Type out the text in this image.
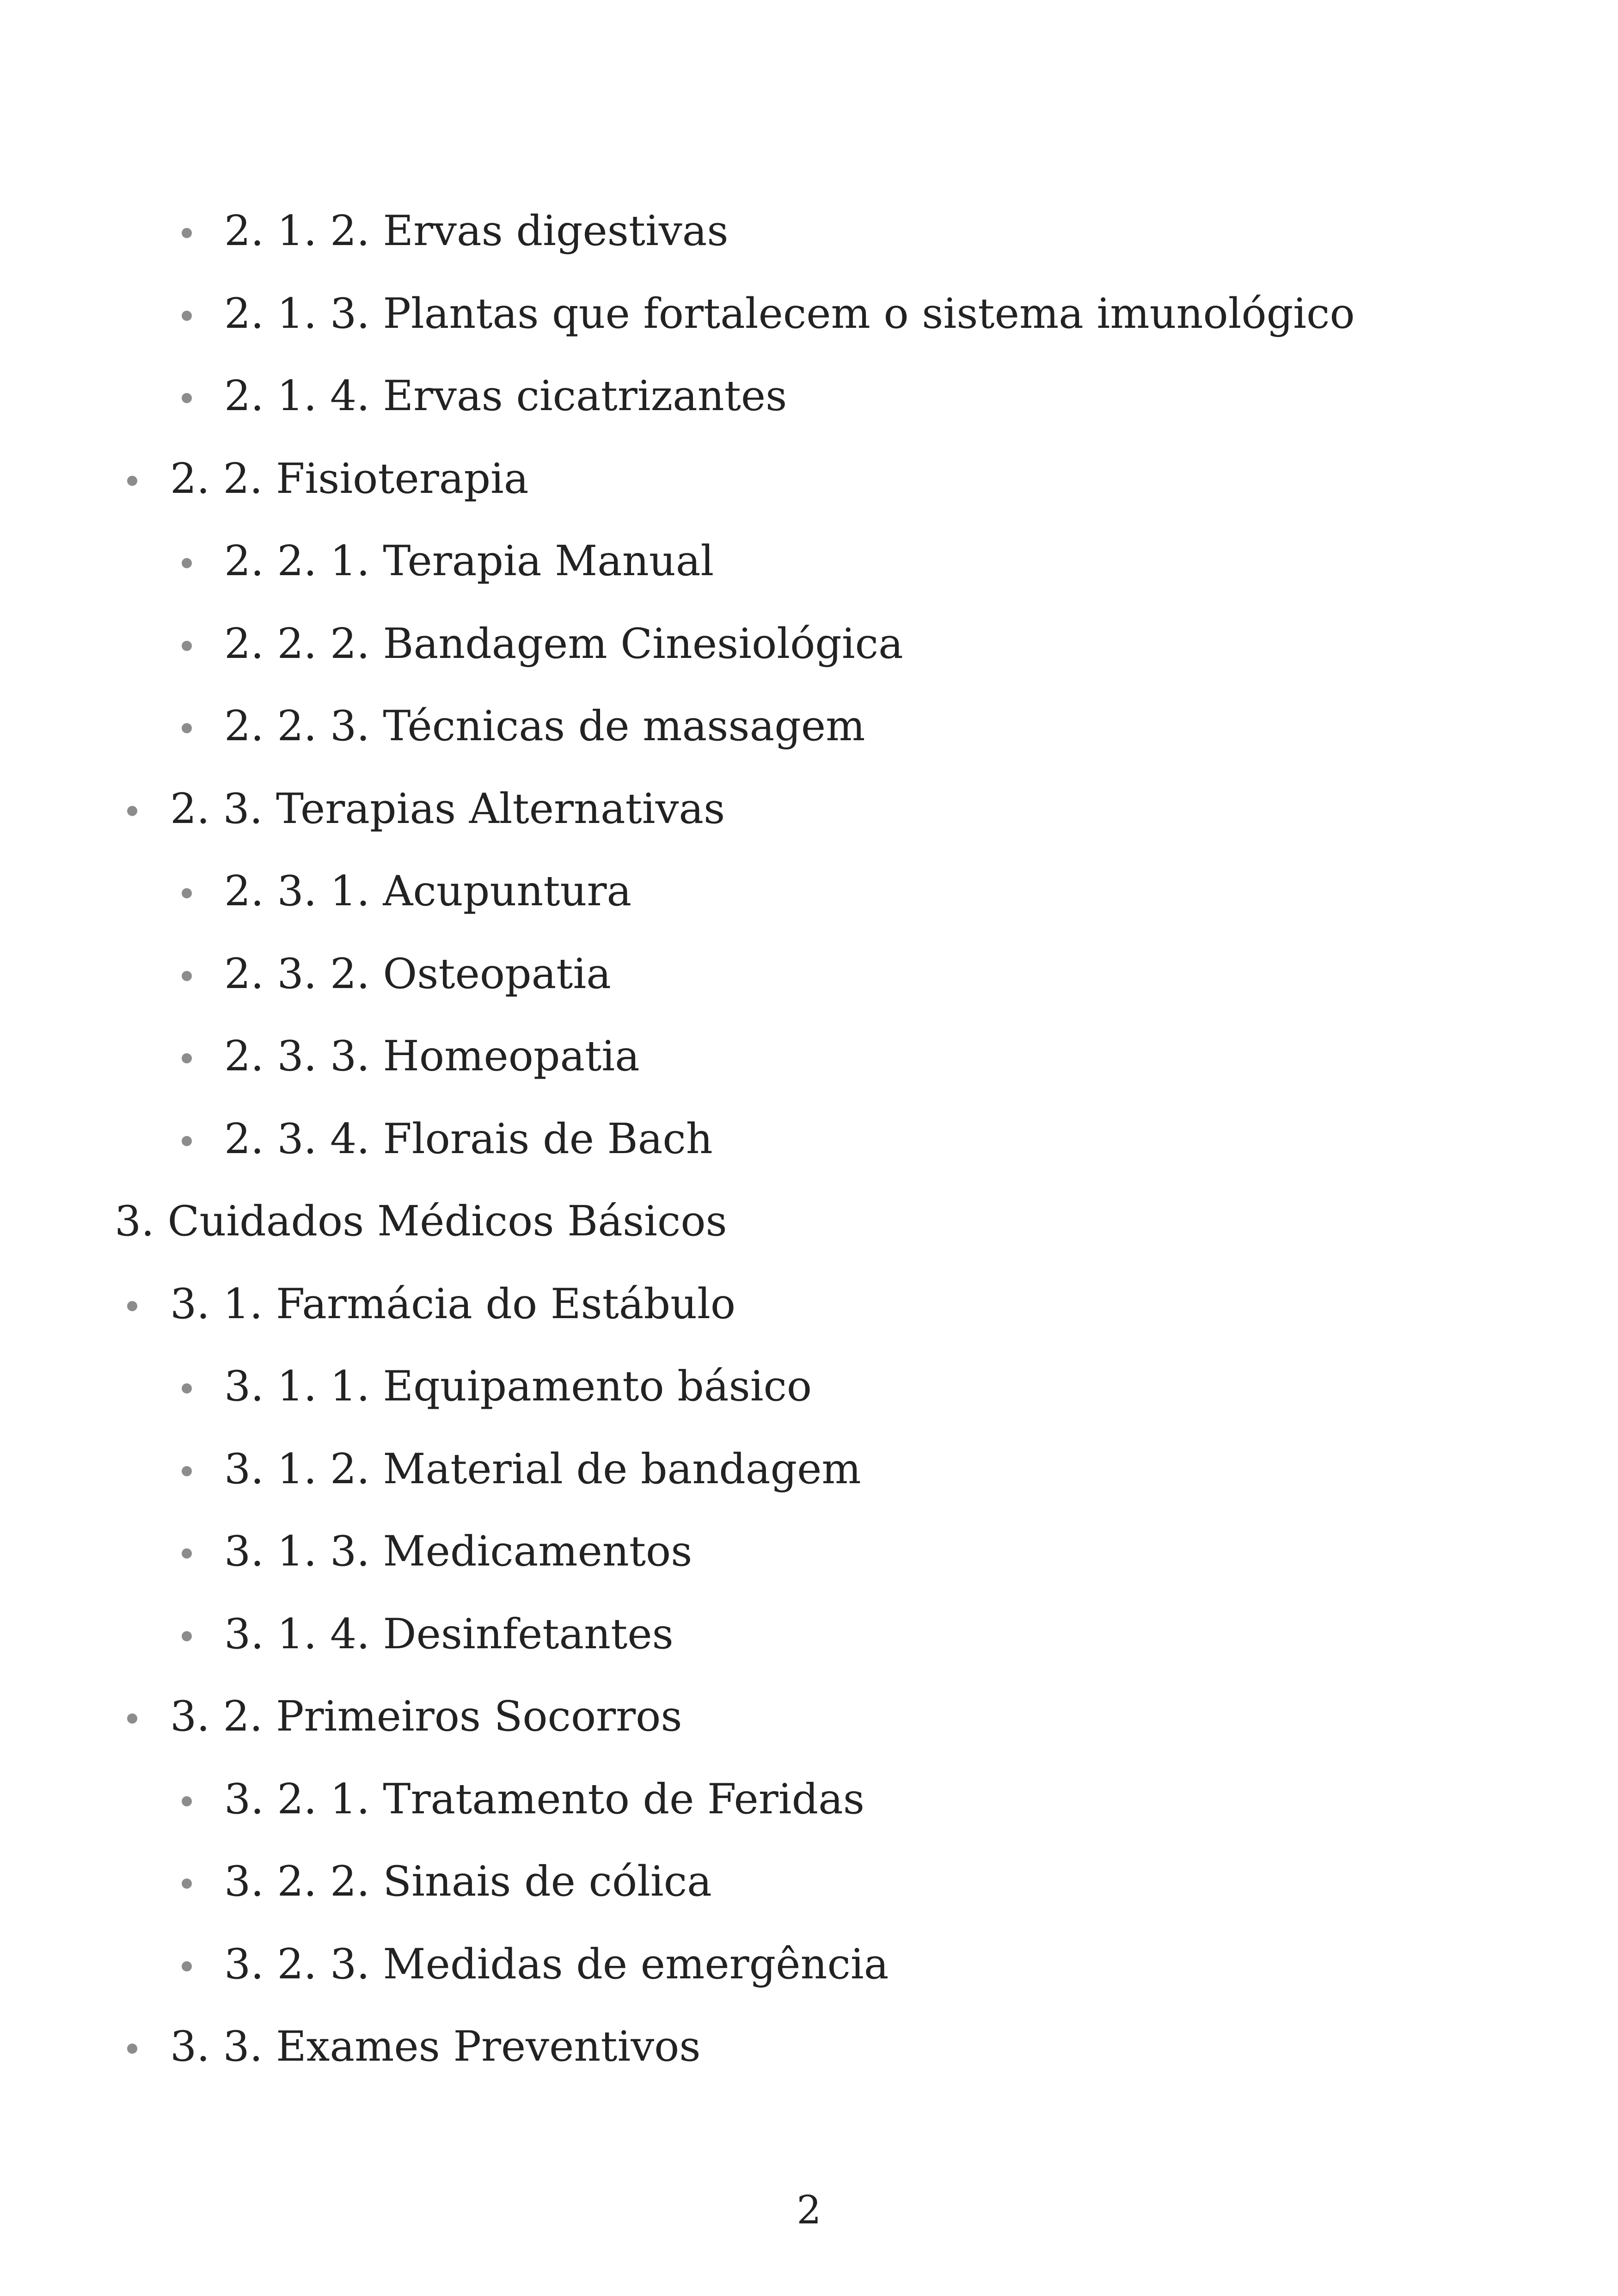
2. 1. 2. Ervas digestivas
2. 1. 3. Plantas que fortalecem o sistema imunológico
2. 1. 4. Ervas cicatrizantes
2. 2. Fisioterapia
2. 2. 1. Terapia Manual
2. 2. 2. Bandagem Cinesiológica
2. 2. 3. Técnicas de massagem
2. 3. Terapias Alternativas
2. 3. 1. Acupuntura
2. 3. 2. Osteopatia
2. 3. 3. Homeopatia
2. 3. 4. Florais de Bach
3. Cuidados Médicos Básicos
3. 1. Farmácia do Estábulo
3. 1. 1. Equipamento básico
3. 1. 2. Material de bandagem
3. 1. 3. Medicamentos
3. 1. 4. Desinfetantes
3. 2. Primeiros Socorros
3. 2. 1. Tratamento de Feridas
3. 2. 2. Sinais de cólica
3. 2. 3. Medidas de emergência
3. 3. Exames Preventivos
2
